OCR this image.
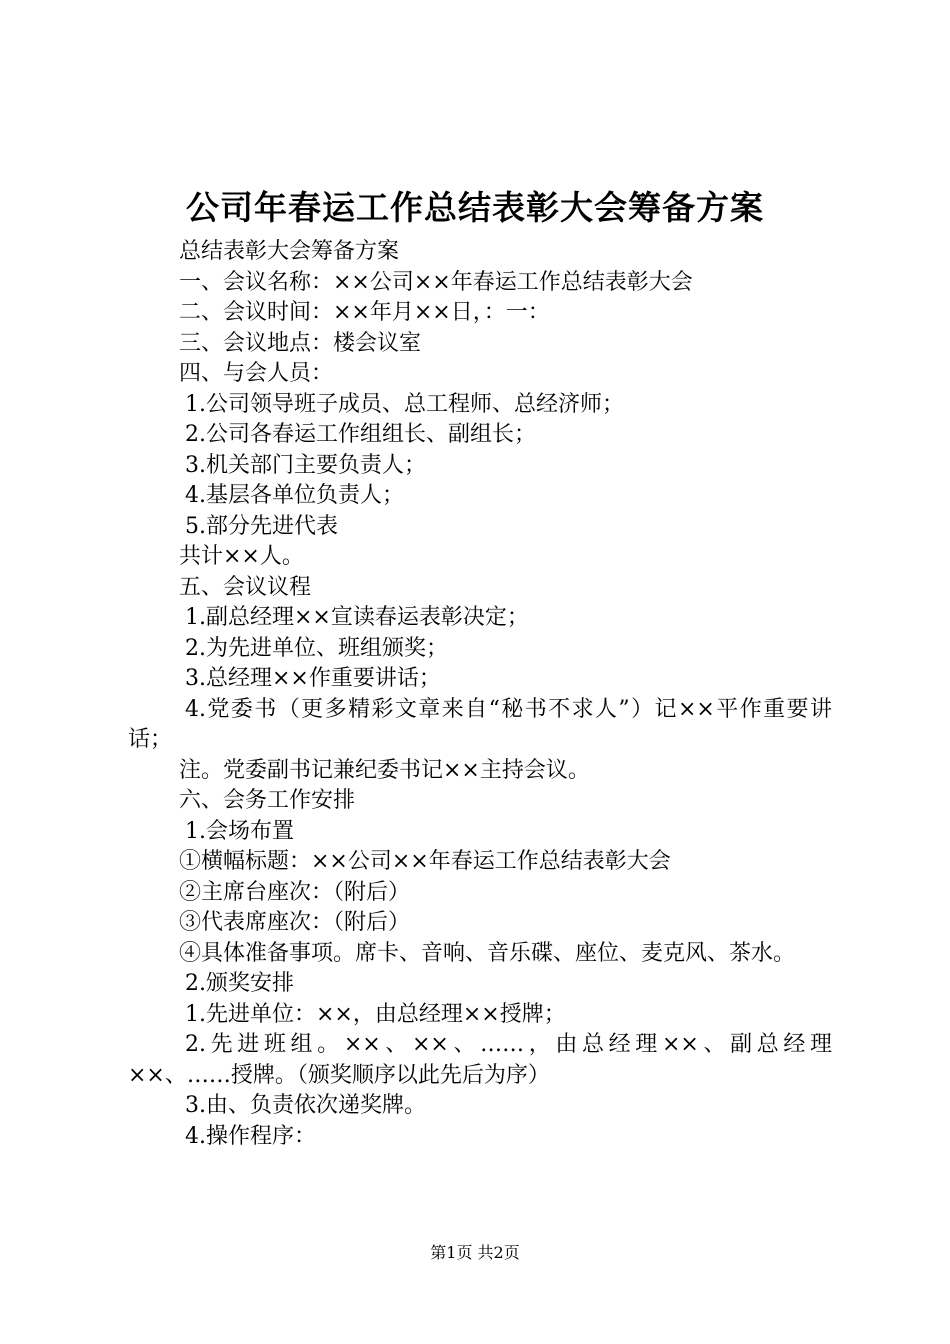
公司年春运工作总结表彰大会筹备方案
总结表彰大会筹备方案
一、会议名称：××公司××年春运工作总结表彰大会
二、会议时间：××年月××日，：一：
三、会议地点：楼会议室
四、与会人员：
1.公司领导班子成员、总工程师、总经济师；
2.公司各春运工作组组长、副组长；
3.机关部门主要负责人；
4.基层各单位负责人；
5.部分先进代表
共计××人。
五、会议议程
1.副总经理××宣读春运表彰决定；
2.为先进单位、班组颁奖；
3.总经理××作重要讲话；
4.党委书（更多精彩文章来自“秘书不求人”）记××平作重要讲话；
注。党委副书记兼纪委书记××主持会议。
六、会务工作安排
1.会场布置
①横幅标题：××公司××年春运工作总结表彰大会
②主席台座次：（附后）
③代表席座次：（附后）
④具体准备事项。席卡、音响、音乐碟、座位、麦克风、茶水。
2.颁奖安排
1.先进单位：××，由总经理××授牌；
2.先进班组。××、××、……，由总经理××、副总经理××、……授牌。（颁奖顺序以此先后为序）
3.由、负责依次递奖牌。
4.操作程序：
第1页 共2页
